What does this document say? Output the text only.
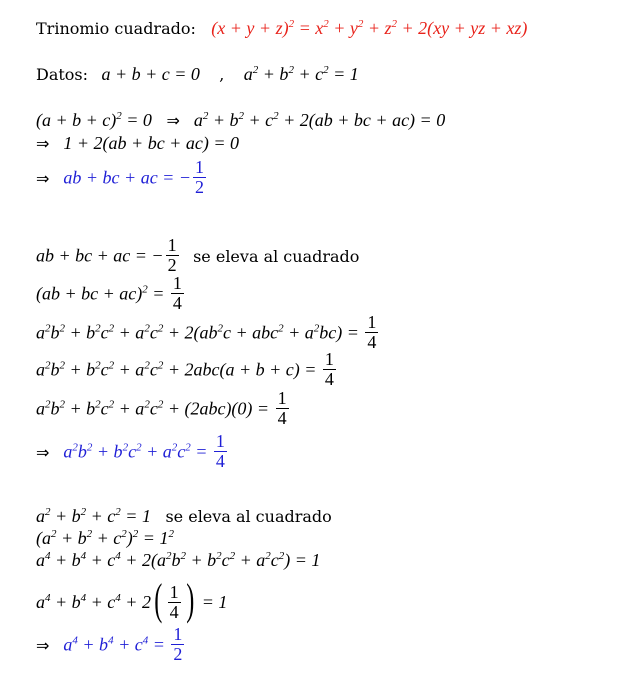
Trinomio cuadrado: $(x + y + z)^2 = x^2 + y^2 + z^2 + 2(xy$ + yz + xz)
Datos: a + b + c = 0 , $a^2 + b^2 + c^2 = 1$
$(a + b + c)^2 = 0$ ⇒ $a^2 + b^2 + c^2 + 2(ab$ + bc + ac) = 0
⇒ 1 + 2(ab + bc + ac) = 0
⇒ ab + bc + ac = − $\frac{1}{2}$
ab + bc + ac = − $\frac{1}{2}$ se eleva al cuadrado
(ab + bc + $ac)^2 = \frac{1}{4}$
$a^2b^2 + b^2c^2 + a^2c^2 + 2(ab^2c + abc^2 + a^2bc) = \frac{1}{4}$
$a^2b^2 + b^2c^2 + a^2c^2 + 2abc(a + b + c) = \frac{1}{4}$
$a^2b^2 + b^2c^2 + a^2c^2 + (2abc)(0) = \frac{1}{4}$
⇒ $a^2b^2 + b^2c^2 + a^2c^2 = \frac{1}{4}$
$a^2 + b^2 + c^2 = 1$ se eleva al cuadrado
$(a^2 + b^2 + c^2)^2 = 1^2$
$a^4 + b^4 + c^4 + 2(a^2b^2 + b^2c^2 + a^2c^2) = 1$
$a^4 + b^4 + c^4 + 2( \frac{1}{4}$ ) = 1
⇒ $a^4 + b^4 + c^4 = \frac{1}{2}$
